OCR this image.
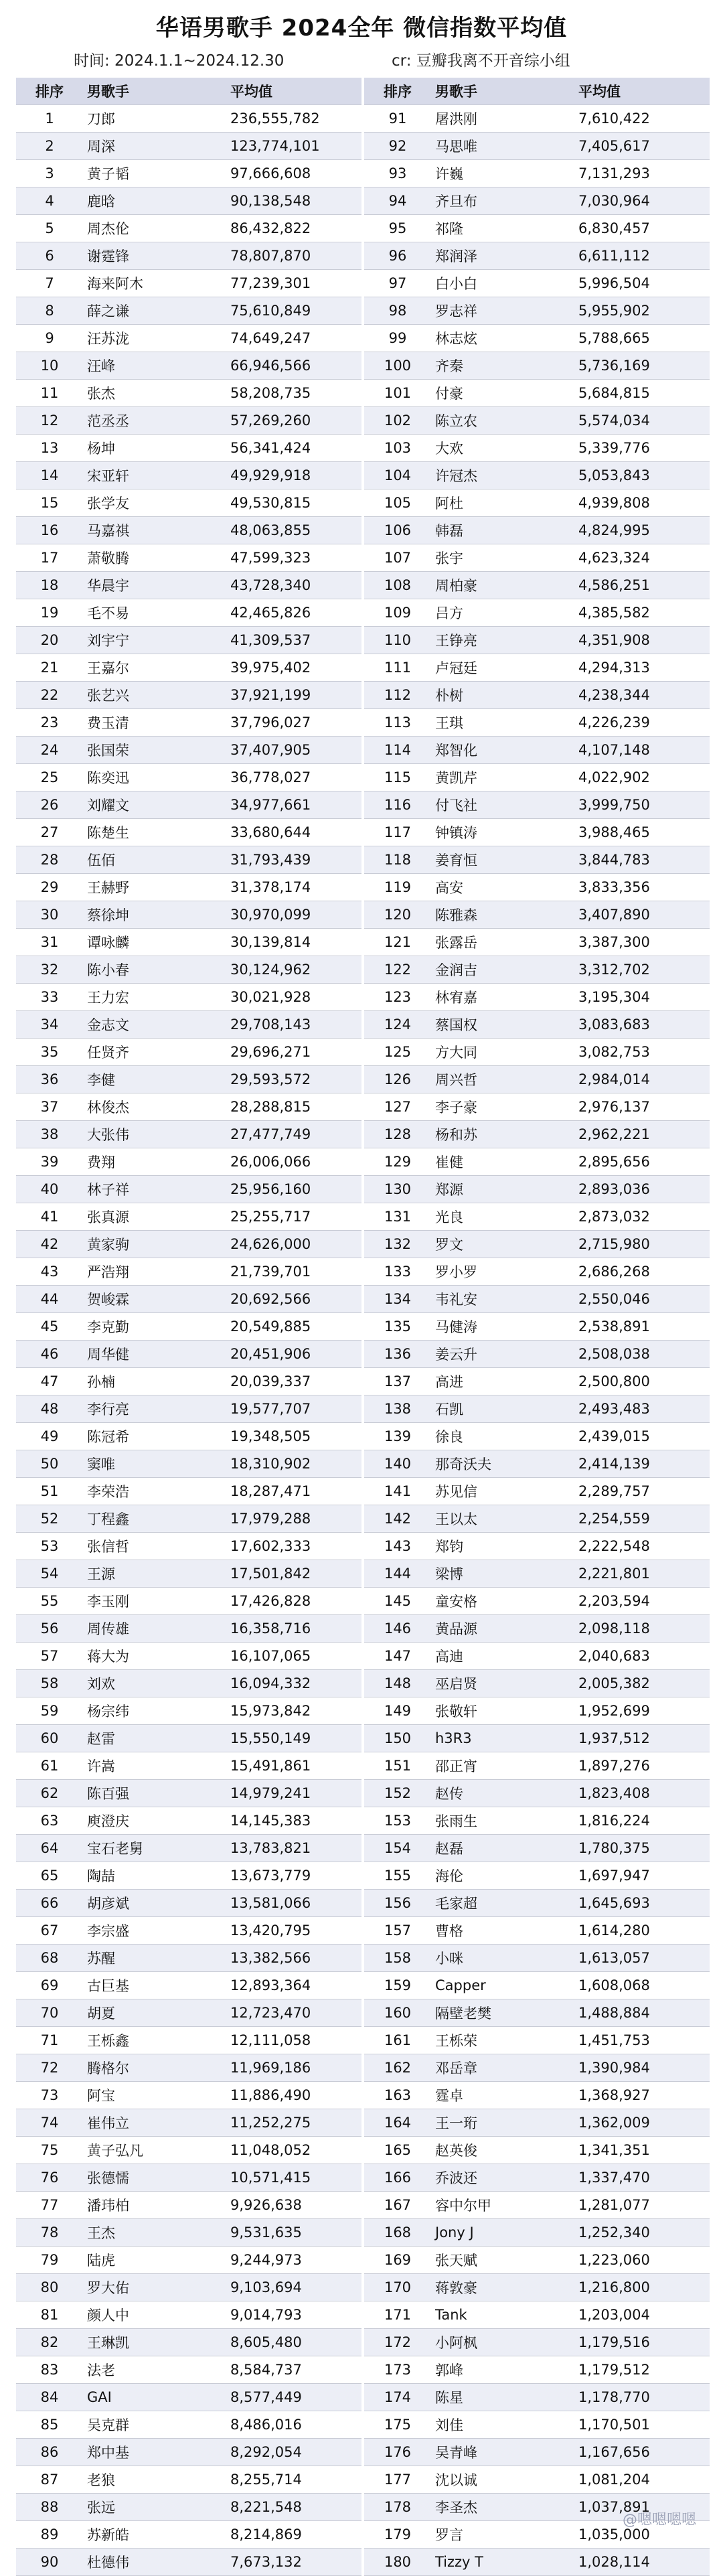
华语男歌手 2024全年 微信指数平均值
时间: 2024.1.1~2024.12.30	cr: 豆瓣我离不开音综小组
排序	男歌手	平均值
1	刀郎	236,555,782
2	周深	123,774,101
3	黄子韬	97,666,608
4	鹿晗	90,138,548
5	周杰伦	86,432,822
6	谢霆锋	78,807,870
7	海来阿木	77,239,301
8	薛之谦	75,610,849
9	汪苏泷	74,649,247
10	汪峰	66,946,566
11	张杰	58,208,735
12	范丞丞	57,269,260
13	杨坤	56,341,424
14	宋亚轩	49,929,918
15	张学友	49,530,815
16	马嘉祺	48,063,855
17	萧敬腾	47,599,323
18	华晨宇	43,728,340
19	毛不易	42,465,826
20	刘宇宁	41,309,537
21	王嘉尔	39,975,402
22	张艺兴	37,921,199
23	费玉清	37,796,027
24	张国荣	37,407,905
25	陈奕迅	36,778,027
26	刘耀文	34,977,661
27	陈楚生	33,680,644
28	伍佰	31,793,439
29	王赫野	31,378,174
30	蔡徐坤	30,970,099
31	谭咏麟	30,139,814
32	陈小春	30,124,962
33	王力宏	30,021,928
34	金志文	29,708,143
35	任贤齐	29,696,271
36	李健	29,593,572
37	林俊杰	28,288,815
38	大张伟	27,477,749
39	费翔	26,006,066
40	林子祥	25,956,160
41	张真源	25,255,717
42	黄家驹	24,626,000
43	严浩翔	21,739,701
44	贺峻霖	20,692,566
45	李克勤	20,549,885
46	周华健	20,451,906
47	孙楠	20,039,337
48	李行亮	19,577,707
49	陈冠希	19,348,505
50	窦唯	18,310,902
51	李荣浩	18,287,471
52	丁程鑫	17,979,288
53	张信哲	17,602,333
54	王源	17,501,842
55	李玉刚	17,426,828
56	周传雄	16,358,716
57	蒋大为	16,107,065
58	刘欢	16,094,332
59	杨宗纬	15,973,842
60	赵雷	15,550,149
61	许嵩	15,491,861
62	陈百强	14,979,241
63	庾澄庆	14,145,383
64	宝石老舅	13,783,821
65	陶喆	13,673,779
66	胡彦斌	13,581,066
67	李宗盛	13,420,795
68	苏醒	13,382,566
69	古巨基	12,893,364
70	胡夏	12,723,470
71	王栎鑫	12,111,058
72	腾格尔	11,969,186
73	阿宝	11,886,490
74	崔伟立	11,252,275
75	黄子弘凡	11,048,052
76	张德懦	10,571,415
77	潘玮柏	9,926,638
78	王杰	9,531,635
79	陆虎	9,244,973
80	罗大佑	9,103,694
81	颜人中	9,014,793
82	王琳凯	8,605,480
83	法老	8,584,737
84	GAI	8,577,449
85	吴克群	8,486,016
86	郑中基	8,292,054
87	老狼	8,255,714
88	张远	8,221,548
89	苏新皓	8,214,869
90	杜德伟	7,673,132
排序	男歌手	平均值
91	屠洪刚	7,610,422
92	马思唯	7,405,617
93	许巍	7,131,293
94	齐旦布	7,030,964
95	祁隆	6,830,457
96	郑润泽	6,611,112
97	白小白	5,996,504
98	罗志祥	5,955,902
99	林志炫	5,788,665
100	齐秦	5,736,169
101	付豪	5,684,815
102	陈立农	5,574,034
103	大欢	5,339,776
104	许冠杰	5,053,843
105	阿杜	4,939,808
106	韩磊	4,824,995
107	张宇	4,623,324
108	周柏豪	4,586,251
109	吕方	4,385,582
110	王铮亮	4,351,908
111	卢冠廷	4,294,313
112	朴树	4,238,344
113	王琪	4,226,239
114	郑智化	4,107,148
115	黄凯芹	4,022,902
116	付飞社	3,999,750
117	钟镇涛	3,988,465
118	姜育恒	3,844,783
119	高安	3,833,356
120	陈雅森	3,407,890
121	张露岳	3,387,300
122	金润吉	3,312,702
123	林宥嘉	3,195,304
124	蔡国权	3,083,683
125	方大同	3,082,753
126	周兴哲	2,984,014
127	李子豪	2,976,137
128	杨和苏	2,962,221
129	崔健	2,895,656
130	郑源	2,893,036
131	光良	2,873,032
132	罗文	2,715,980
133	罗小罗	2,686,268
134	韦礼安	2,550,046
135	马健涛	2,538,891
136	姜云升	2,508,038
137	高进	2,500,800
138	石凯	2,493,483
139	徐良	2,439,015
140	那奇沃夫	2,414,139
141	苏见信	2,289,757
142	王以太	2,254,559
143	郑钧	2,222,548
144	梁博	2,221,801
145	童安格	2,203,594
146	黄品源	2,098,118
147	高迪	2,040,683
148	巫启贤	2,005,382
149	张敬轩	1,952,699
150	h3R3	1,937,512
151	邵正宵	1,897,276
152	赵传	1,823,408
153	张雨生	1,816,224
154	赵磊	1,780,375
155	海伦	1,697,947
156	毛家超	1,645,693
157	曹格	1,614,280
158	小咪	1,613,057
159	Capper	1,608,068
160	隔壁老樊	1,488,884
161	王栎荣	1,451,753
162	邓岳章	1,390,984
163	霆卓	1,368,927
164	王一珩	1,362,009
165	赵英俊	1,341,351
166	乔波还	1,337,470
167	容中尔甲	1,281,077
168	Jony J	1,252,340
169	张天赋	1,223,060
170	蒋敦豪	1,216,800
171	Tank	1,203,004
172	小阿枫	1,179,516
173	郭峰	1,179,512
174	陈星	1,178,770
175	刘佳	1,170,501
176	吴青峰	1,167,656
177	沈以诚	1,081,204
178	李圣杰	1,037,891
179	罗言	1,035,000
180	Tizzy T	1,028,114
@嗯嗯嗯嗯
